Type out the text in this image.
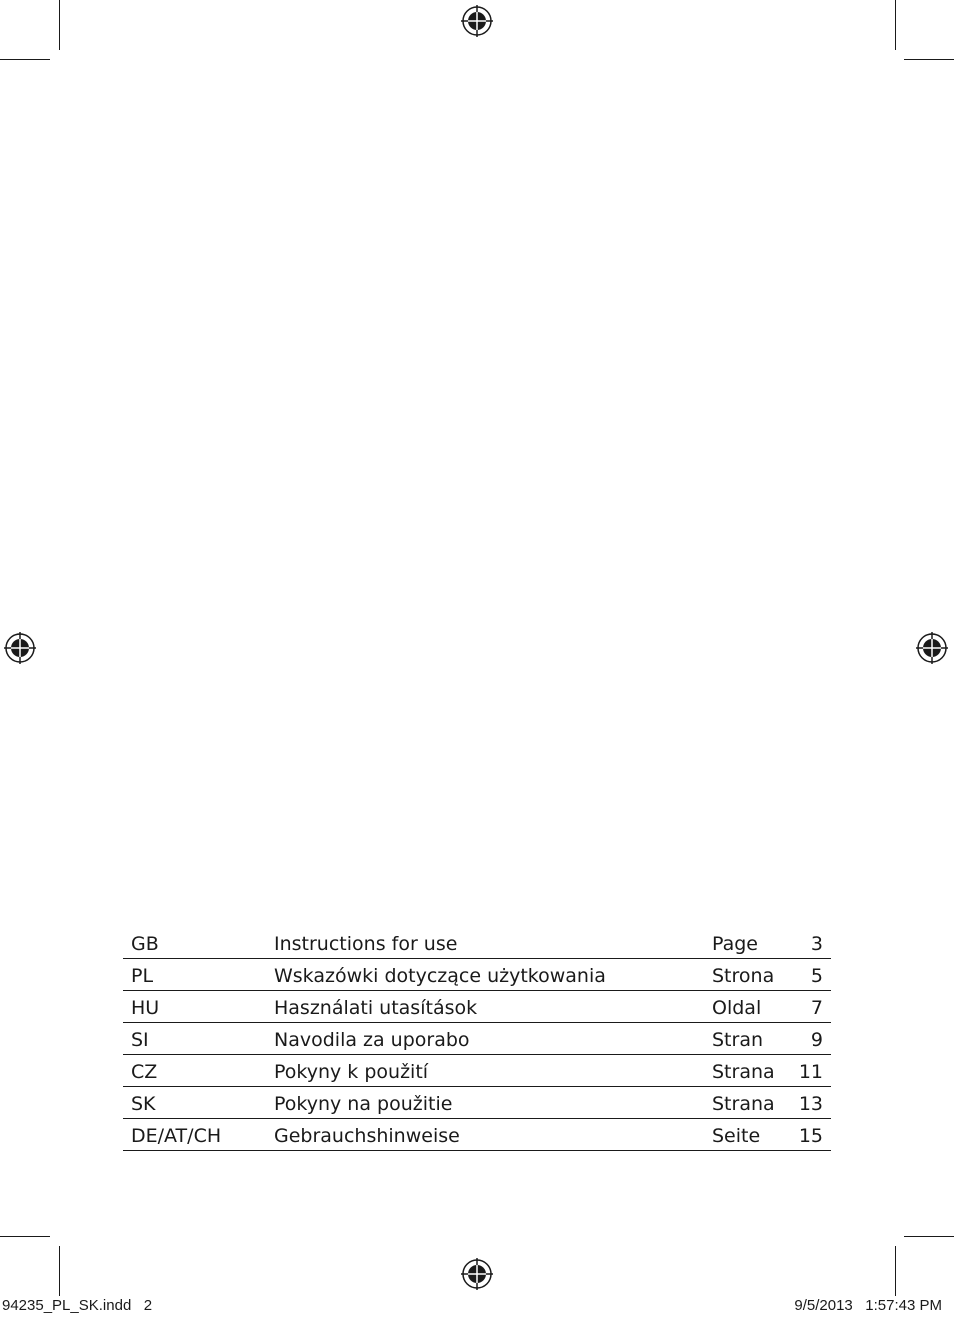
GB	Instructions for use	Page	3
PL	Wskazówki dotyczące użytkowania	Strona 5
HU	Használati utasítások	Oldal	7
SI	Navodila za uporabo	Stran	9
CZ	Pokyny k použití	Strana 11
SK	Pokyny na použitie	Strana 13
DE/AT/CH	Gebrauchshinweise	Seite 15
94235_PL_SK.indd   2	9/5/2013   1:57:43 PM
